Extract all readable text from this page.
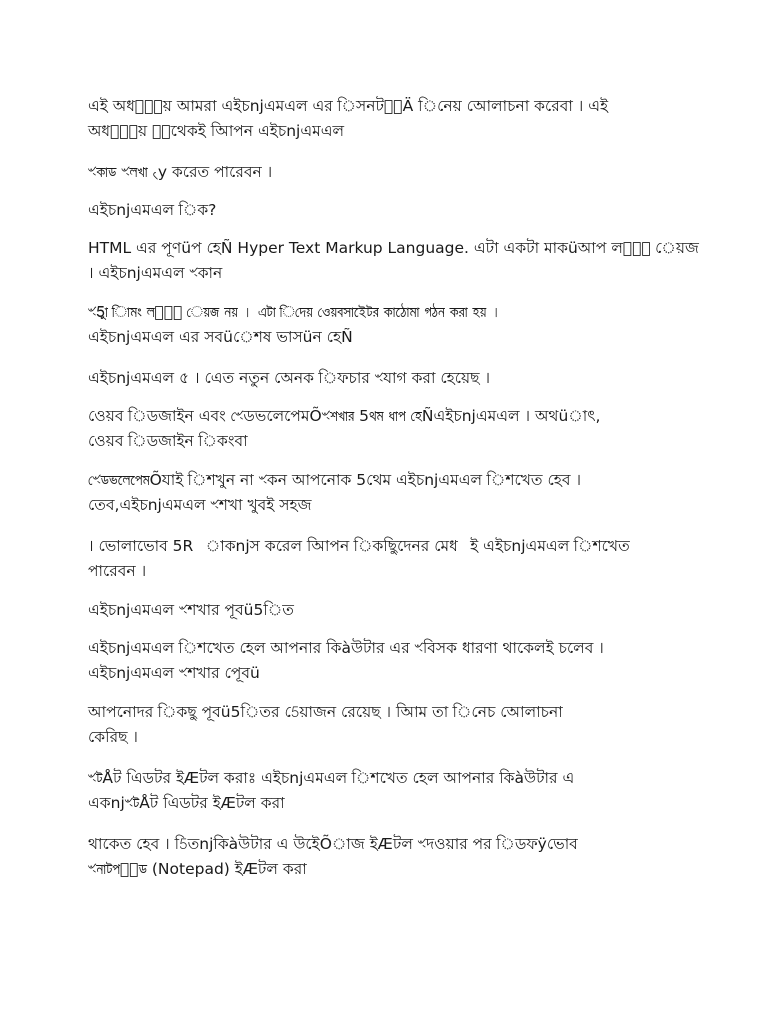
এই অধােয় আমরা এইচnjএমএল এর িসনটাÄ িনেয় আেলাচনা করেবা । এই
অধােয় ৼেথেকই আিপন এইচnjএমএল
ৼকাড ৼলখা ৻y করেত পারেবন ।
এইচnjএমএল িক?
HTML এর পূণüপ হেÑ Hyper Text Markup Language. এটা একটা মাকüআপ লাু েয়জ
। এইচnjএমএল ৼকান
ৼ5াু ািমং লাু েয়জ নয় । এটা িদেয় ওেয়বসাইেটর কাঠােমা গঠন করা হয় ।
এইচnjএমএল এর সবüেশষ ভাসüন হেÑ
এইচnjএমএল ৫ । এেত নতুন অেনক িফচার ৼযাগ করা হেয়েছ ।
ওেয়ব িডজাইন এবং ৼেডভলেপেমÕৼশখার 5থম ধাপ হেÑএইচnjএমএল । অথüাৎ,
ওেয়ব িডজাইন িকংবা
ৼেডভলেপেমÕযাই িশখুন না ৼকন আপনােক 5থেম এইচnjএমএল িশখেত হেব ।
তেব,এইচnjএমএল ৼশখা খুবই সহজ
। ভােলাভােব 5Rাকnjস করেল আিপন িকছুিদেনর মেধই এইচnjএমএল িশখেত
পারেবন ।
এইচnjএমএল ৼশখার পূবü5িত
এইচnjএমএল িশখেত হেল আপনার কিàউটার এর ৼবিসক ধারণা থাকেলই চলেব ।
এইচnjএমএল ৼশখার পূেবü
আপনােদর িকছু পূবü5িতর 5েয়াজন রেয়েছ । আিম তা িনেচ আেলাচনা
কেরিছ ।
ৼটÅট এিডটর ইÆটল করাঃ এইচnjএমএল িশখেত হেল আপনার কিàউটার এ
একnjৼটÅট এিডটর ইÆটল করা
থাকেত হেব । 5িতnjকিàউটার এ উইেÕাজ ইÆটল ৼদওয়ার পর িডফÿভােব
ৼনাটপাড (Notepad) ইÆটল করা
